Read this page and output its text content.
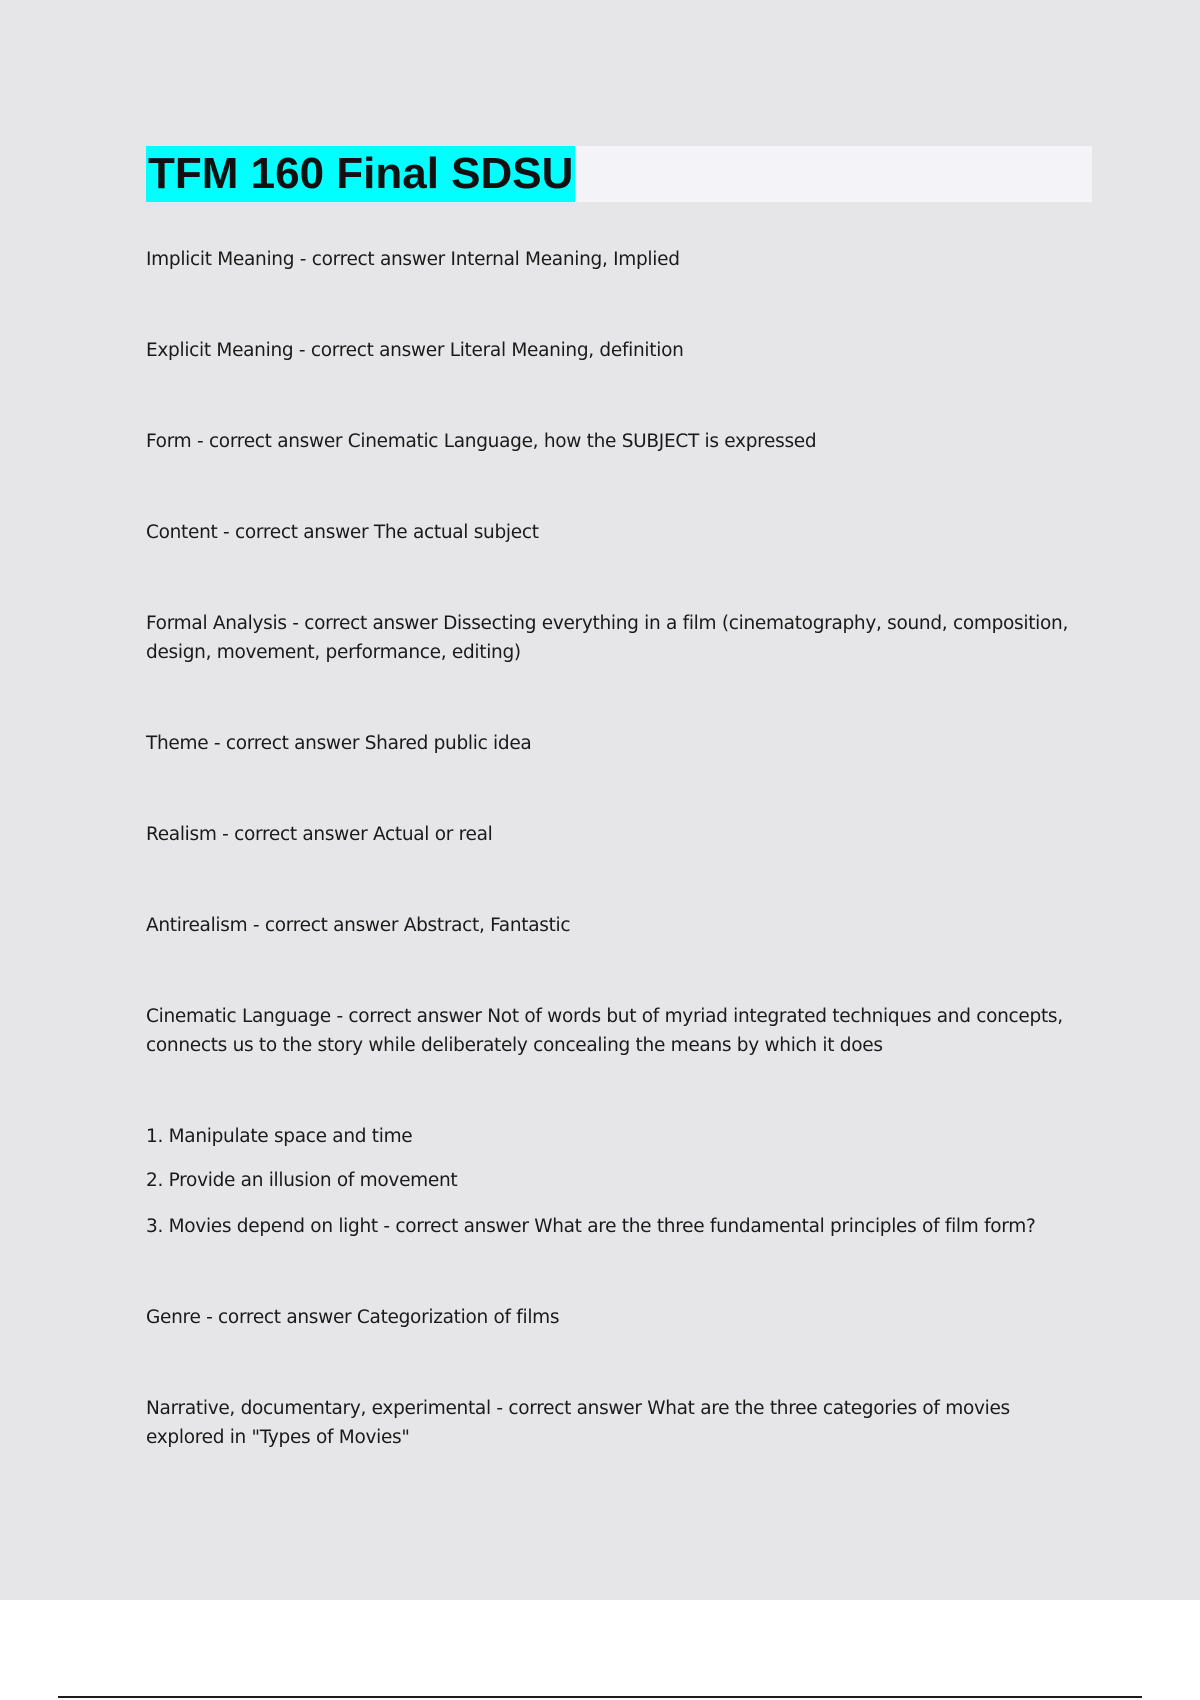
TFM 160 Final SDSU
Implicit Meaning - correct answer Internal Meaning, Implied
Explicit Meaning - correct answer Literal Meaning, definition
Form - correct answer Cinematic Language, how the SUBJECT is expressed
Content - correct answer The actual subject
Formal Analysis - correct answer Dissecting everything in a film (cinematography, sound, composition, design, movement, performance, editing)
Theme - correct answer Shared public idea
Realism - correct answer Actual or real
Antirealism - correct answer Abstract, Fantastic
Cinematic Language - correct answer Not of words but of myriad integrated techniques and concepts, connects us to the story while deliberately concealing the means by which it does
1. Manipulate space and time
2. Provide an illusion of movement
3. Movies depend on light - correct answer What are the three fundamental principles of film form?
Genre - correct answer Categorization of films
Narrative, documentary, experimental - correct answer What are the three categories of movies explored in "Types of Movies"
